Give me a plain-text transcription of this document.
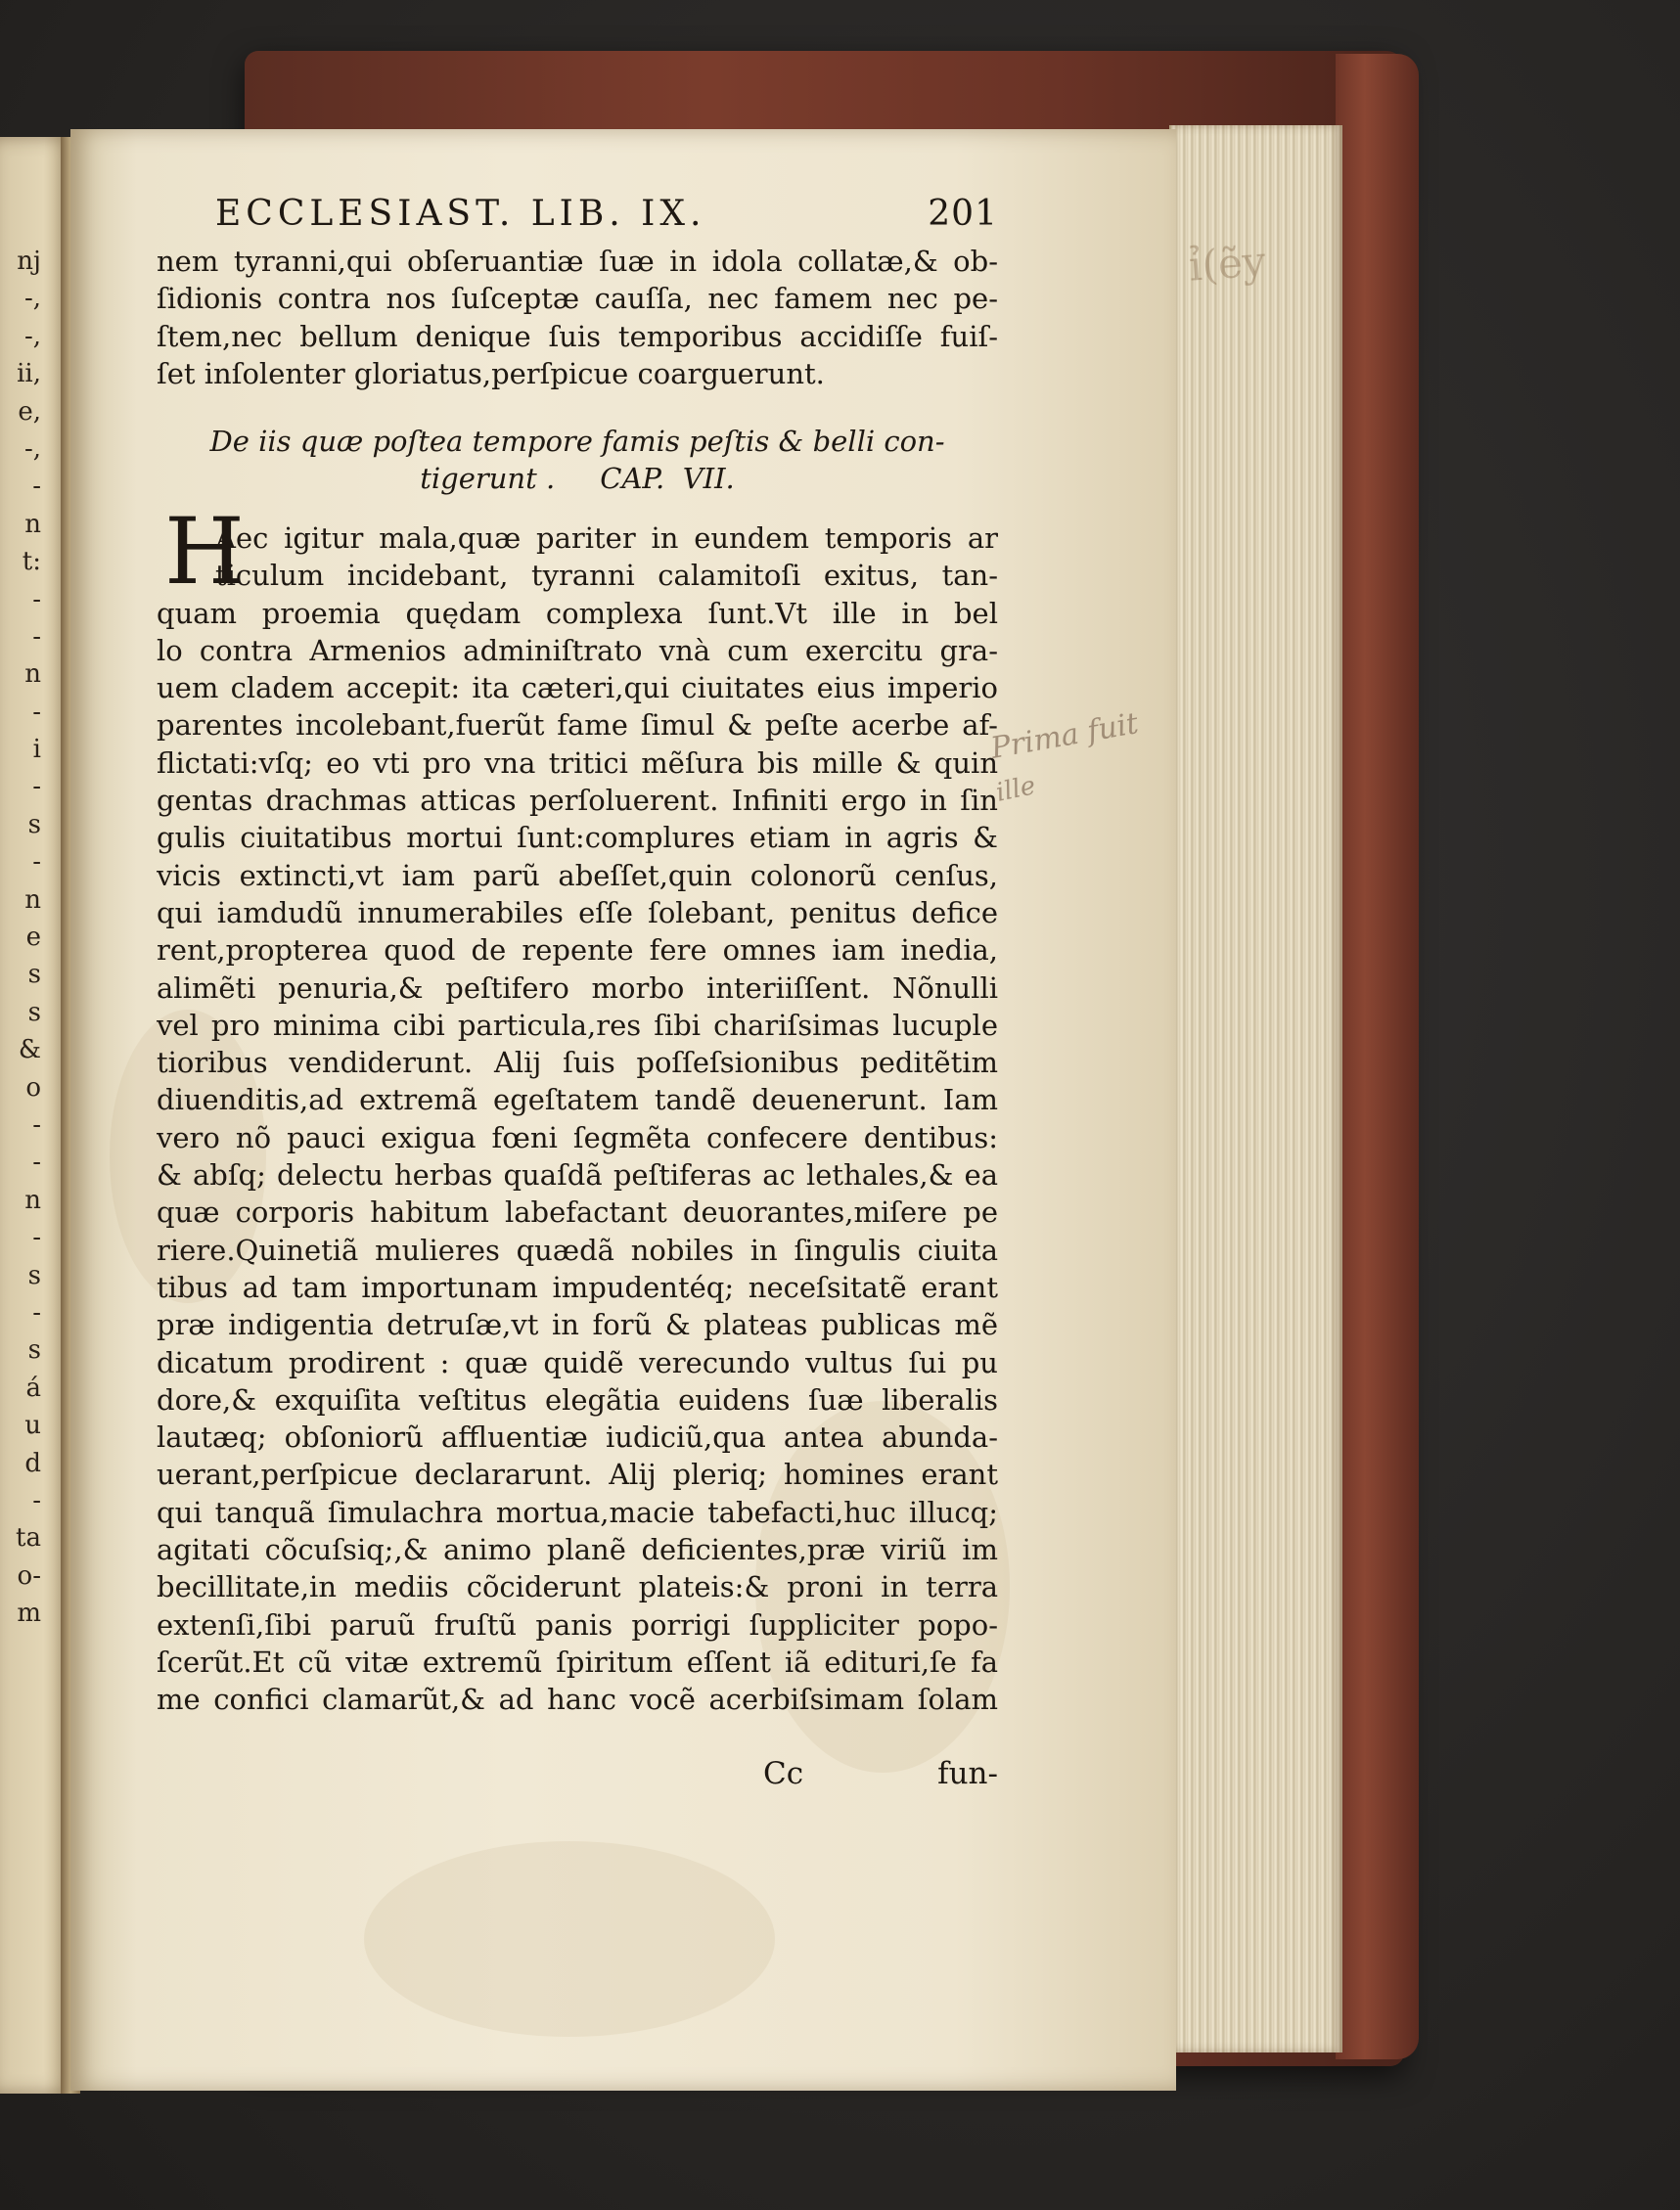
nj
-,
-,
ii,
e,
-,
-
n
t:
-
-
n
-
i
-
s
-
n
e
s
s
&
o
-
-
n
-
s
-
s
á
u
d
-
ta
o-
m
ỉ(ẽy
ECCLESIAST. LIB. IX.	201
nem tyranni,qui obſeruantiæ ſuæ in idola collatæ,& ob-
ſidionis contra nos ſuſceptæ cauſſa, nec famem nec pe-
ſtem,nec bellum denique ſuis temporibus accidiſſe fuiſ-
ſet inſolenter gloriatus,perſpicue coarguerunt.
De iis quæ poſtea tempore famis peſtis & belli con-
tigerunt .     CAP.  VII.
H
Aec igitur mala,quæ pariter in eundem temporis ar
ticulum incidebant, tyranni calamitoſi exitus, tan-
quam proemia quędam complexa ſunt.Vt ille in bel
lo contra Armenios adminiſtrato vnà cum exercitu gra-
uem cladem accepit: ita cæteri,qui ciuitates eius imperio
parentes incolebant,fuerũt fame ſimul & peſte acerbe af-
flictati:vſq; eo vti pro vna tritici mẽſura bis mille & quin
gentas drachmas atticas perſoluerent. Infiniti ergo in ſin
gulis ciuitatibus mortui ſunt:complures etiam in agris &
vicis extincti,vt iam parũ abeſſet,quin colonorũ cenſus,
qui iamdudũ innumerabiles eſſe ſolebant, penitus defice
rent,propterea quod de repente fere omnes iam inedia,
alimẽti penuria,& peſtifero morbo interiiſſent. Nõnulli
vel pro minima cibi particula,res ſibi chariſsimas lucuple
tioribus vendiderunt. Alij ſuis poſſeſsionibus peditẽtim
diuenditis,ad extremã egeſtatem tandẽ deuenerunt. Iam
vero nõ pauci exigua fœni ſegmẽta confecere dentibus:
& abſq; delectu herbas quaſdã peſtiferas ac lethales,& ea
quæ corporis habitum labefactant deuorantes,miſere pe
riere.Quinetiã mulieres quædã nobiles in ſingulis ciuita
tibus ad tam importunam impudentéq; neceſsitatẽ erant
præ indigentia detruſæ,vt in forũ & plateas publicas mẽ
dicatum prodirent : quæ quidẽ verecundo vultus ſui pu
dore,& exquiſita veſtitus elegãtia euidens ſuæ liberalis
lautæq; obſoniorũ affluentiæ iudiciũ,qua antea abunda-
uerant,perſpicue declararunt. Alij pleriq; homines erant
qui tanquã ſimulachra mortua,macie tabefacti,huc illucq;
agitati cõcuſsiq;,& animo planẽ deficientes,præ viriũ im
becillitate,in mediis cõciderunt plateis:& proni in terra
extenſi,ſibi paruũ fruſtũ panis porrigi ſuppliciter popo-
ſcerũt.Et cũ vitæ extremũ ſpiritum eſſent iã edituri,ſe fa
me confici clamarũt,& ad hanc vocẽ acerbiſsimam ſolam
Cc	fun-
Prima fuit
ille
